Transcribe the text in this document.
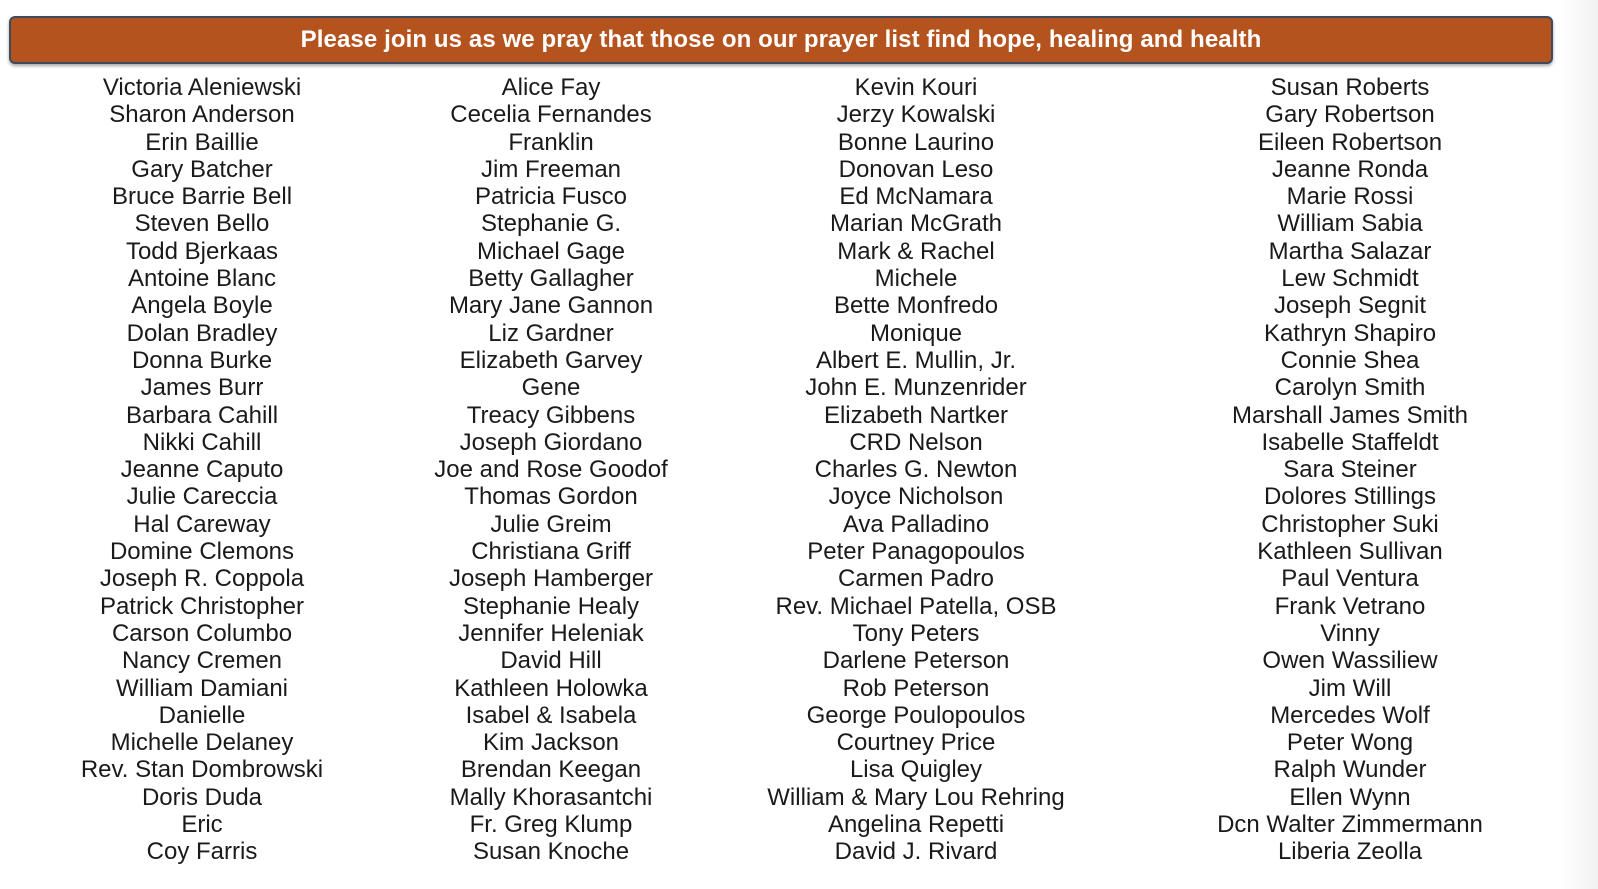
Please join us as we pray that those on our prayer list find hope, healing and health
Victoria Aleniewski
Sharon Anderson
Erin Baillie
Gary Batcher
Bruce Barrie Bell
Steven Bello
Todd Bjerkaas
Antoine Blanc
Angela Boyle
Dolan Bradley
Donna Burke
James Burr
Barbara Cahill
Nikki Cahill
Jeanne Caputo
Julie Careccia
Hal Careway
Domine Clemons
Joseph R. Coppola
Patrick Christopher
Carson Columbo
Nancy Cremen
William Damiani
Danielle
Michelle Delaney
Rev. Stan Dombrowski
Doris Duda
Eric
Coy Farris
Alice Fay
Cecelia Fernandes
Franklin
Jim Freeman
Patricia Fusco
Stephanie G.
Michael Gage
Betty Gallagher
Mary Jane Gannon
Liz Gardner
Elizabeth Garvey
Gene
Treacy Gibbens
Joseph Giordano
Joe and Rose Goodof
Thomas Gordon
Julie Greim
Christiana Griff
Joseph Hamberger
Stephanie Healy
Jennifer Heleniak
David Hill
Kathleen Holowka
Isabel & Isabela
Kim Jackson
Brendan Keegan
Mally Khorasantchi
Fr. Greg Klump
Susan Knoche
Kevin Kouri
Jerzy Kowalski
Bonne Laurino
Donovan Leso
Ed McNamara
Marian McGrath
Mark & Rachel
Michele
Bette Monfredo
Monique
Albert E. Mullin, Jr.
John E. Munzenrider
Elizabeth Nartker
CRD Nelson
Charles G. Newton
Joyce Nicholson
Ava Palladino
Peter Panagopoulos
Carmen Padro
Rev. Michael Patella, OSB
Tony Peters
Darlene Peterson
Rob Peterson
George Poulopoulos
Courtney Price
Lisa Quigley
William & Mary Lou Rehring
Angelina Repetti
David J. Rivard
Susan Roberts
Gary Robertson
Eileen Robertson
Jeanne Ronda
Marie Rossi
William Sabia
Martha Salazar
Lew Schmidt
Joseph Segnit
Kathryn Shapiro
Connie Shea
Carolyn Smith
Marshall James Smith
Isabelle Staffeldt
Sara Steiner
Dolores Stillings
Christopher Suki
Kathleen Sullivan
Paul Ventura
Frank Vetrano
Vinny
Owen Wassiliew
Jim Will
Mercedes Wolf
Peter Wong
Ralph Wunder
Ellen Wynn
Dcn Walter Zimmermann
Liberia Zeolla
